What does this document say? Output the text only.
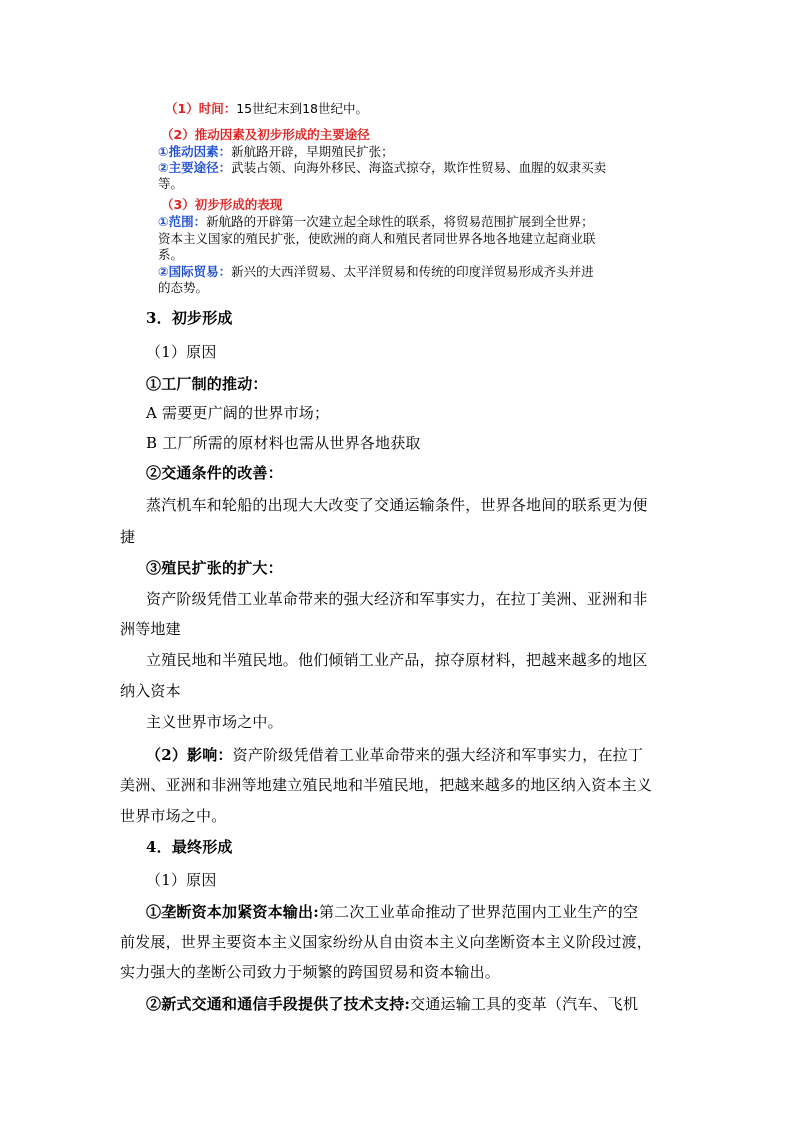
（1）时间：15世纪末到18世纪中。
（2）推动因素及初步形成的主要途径
①推动因素：新航路开辟，早期殖民扩张；
②主要途径：武装占领、向海外移民、海盗式掠夺，欺诈性贸易、血腥的奴隶买卖
等。
（3）初步形成的表现
①范围：新航路的开辟第一次建立起全球性的联系，将贸易范围扩展到全世界；
资本主义国家的殖民扩张，使欧洲的商人和殖民者同世界各地各地建立起商业联
系。
②国际贸易：新兴的大西洋贸易、太平洋贸易和传统的印度洋贸易形成齐头并进
的态势。
3．初步形成
（1）原因
①工厂制的推动：
A 需要更广阔的世界市场；
B 工厂所需的原材料也需从世界各地获取
②交通条件的改善：
蒸汽机车和轮船的出现大大改变了交通运输条件，世界各地间的联系更为便
捷
③殖民扩张的扩大：
资产阶级凭借工业革命带来的强大经济和军事实力，在拉丁美洲、亚洲和非
洲等地建
立殖民地和半殖民地。他们倾销工业产品，掠夺原材料，把越来越多的地区
纳入资本
主义世界市场之中。
（2）影响：资产阶级凭借着工业革命带来的强大经济和军事实力，在拉丁
美洲、亚洲和非洲等地建立殖民地和半殖民地，把越来越多的地区纳入资本主义
世界市场之中。
4．最终形成
（1）原因
①垄断资本加紧资本输出:第二次工业革命推动了世界范围内工业生产的空
前发展，世界主要资本主义国家纷纷从自由资本主义向垄断资本主义阶段过渡，
实力强大的垄断公司致力于频繁的跨国贸易和资本输出。
②新式交通和通信手段提供了技术支持:交通运输工具的变革（汽车、飞机
